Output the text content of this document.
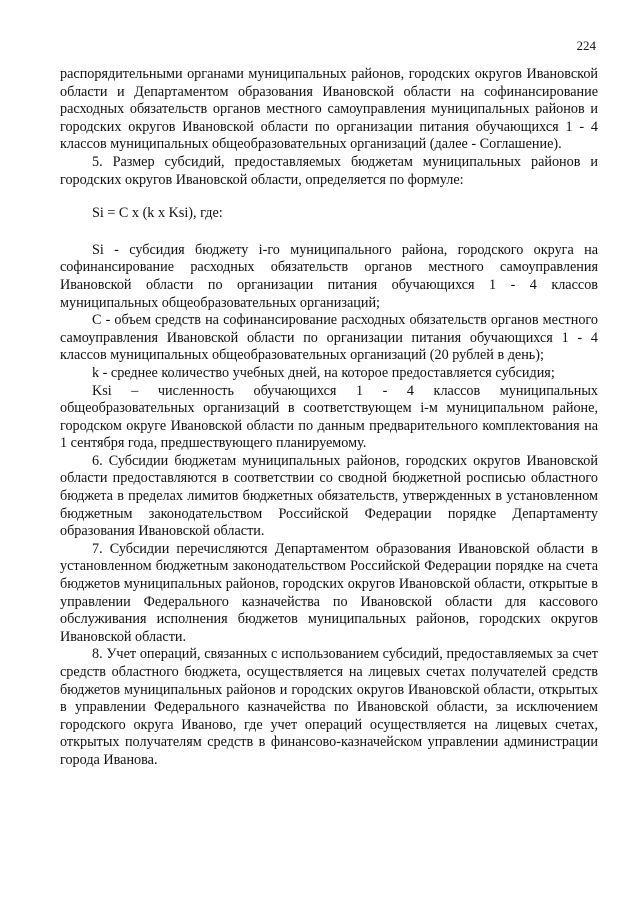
224

распорядительными органами муниципальных районов, городских округов Ивановской области и Департаментом образования Ивановской области на софинансирование расходных обязательств органов местного самоуправления муниципальных районов и городских округов Ивановской области по организации питания обучающихся 1 - 4 классов муниципальных общеобразовательных организаций (далее - Соглашение).

5. Размер субсидий, предоставляемых бюджетам муниципальных районов и городских округов Ивановской области, определяется по формуле:

Si = C x (k x Ksi), где:

Si - субсидия бюджету i-го муниципального района, городского округа на софинансирование расходных обязательств органов местного самоуправления Ивановской области по организации питания обучающихся 1 - 4 классов муниципальных общеобразовательных организаций;

C - объем средств на софинансирование расходных обязательств органов местного самоуправления Ивановской области по организации питания обучающихся 1 - 4 классов муниципальных общеобразовательных организаций (20 рублей в день);

k - среднее количество учебных дней, на которое предоставляется субсидия;

Ksi – численность обучающихся 1 - 4 классов муниципальных общеобразовательных организаций в соответствующем i-м муниципальном районе, городском округе Ивановской области по данным предварительного комплектования на 1 сентября года, предшествующего планируемому.

6. Субсидии бюджетам муниципальных районов, городских округов Ивановской области предоставляются в соответствии со сводной бюджетной росписью областного бюджета в пределах лимитов бюджетных обязательств, утвержденных в установленном бюджетным законодательством Российской Федерации порядке Департаменту образования Ивановской области.

7. Субсидии перечисляются Департаментом образования Ивановской области в установленном бюджетным законодательством Российской Федерации порядке на счета бюджетов муниципальных районов, городских округов Ивановской области, открытые в управлении Федерального казначейства по Ивановской области для кассового обслуживания исполнения бюджетов муниципальных районов, городских округов Ивановской области.

8. Учет операций, связанных с использованием субсидий, предоставляемых за счет средств областного бюджета, осуществляется на лицевых счетах получателей средств бюджетов муниципальных районов и городских округов Ивановской области, открытых в управлении Федерального казначейства по Ивановской области, за исключением городского округа Иваново, где учет операций осуществляется на лицевых счетах, открытых получателям средств в финансово-казначейском управлении администрации города Иванова.
